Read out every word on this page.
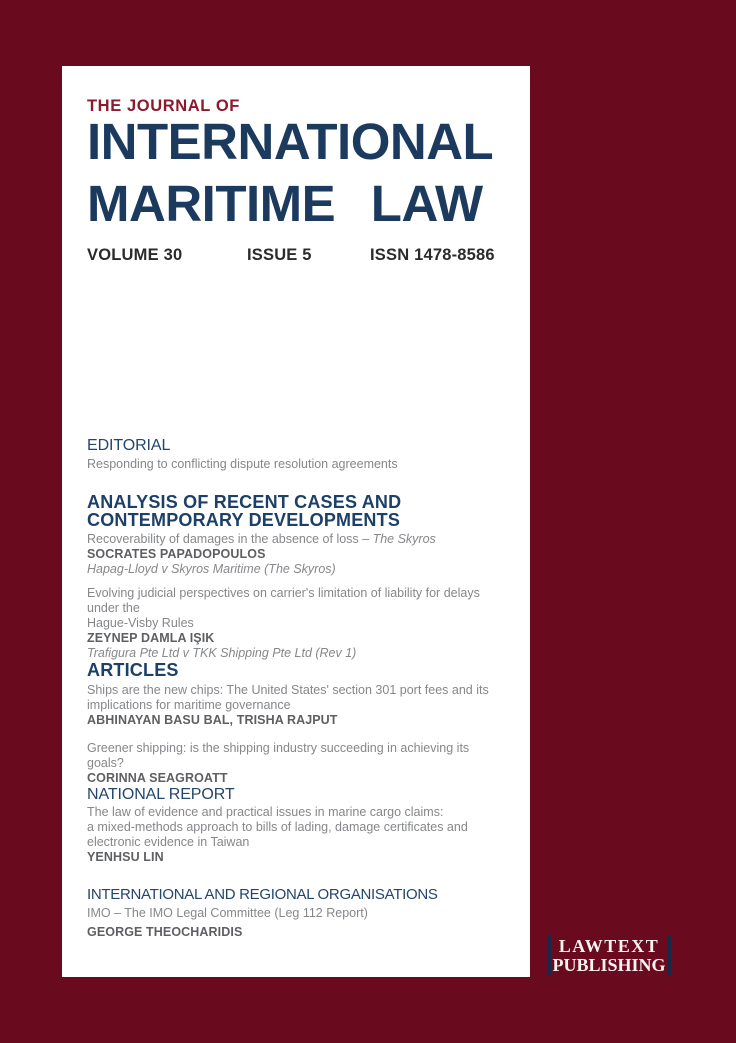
THE JOURNAL OF
INTERNATIONAL
MARITIME LAW
VOLUME 30	ISSUE 5	ISSN 1478-8586
EDITORIAL
Responding to conflicting dispute resolution agreements
ANALYSIS OF RECENT CASES AND
CONTEMPORARY DEVELOPMENTS
Recoverability of damages in the absence of loss – The Skyros
SOCRATES PAPADOPOULOS
Hapag-Lloyd v Skyros Maritime (The Skyros)
Evolving judicial perspectives on carrier's limitation of liability for delays under the
Hague-Visby Rules
ZEYNEP DAMLA IŞIK
Trafigura Pte Ltd v TKK Shipping Pte Ltd (Rev 1)
ARTICLES
Ships are the new chips: The United States' section 301 port fees and its
implications for maritime governance
ABHINAYAN BASU BAL, TRISHA RAJPUT
Greener shipping: is the shipping industry succeeding in achieving its goals?
CORINNA SEAGROATT
NATIONAL REPORT
The law of evidence and practical issues in marine cargo claims:
a mixed-methods approach to bills of lading, damage certificates and
electronic evidence in Taiwan
YENHSU LIN
INTERNATIONAL AND REGIONAL ORGANISATIONS
IMO – The IMO Legal Committee (Leg 112 Report)
GEORGE THEOCHARIDIS
LAWTEXT
PUBLISHING
